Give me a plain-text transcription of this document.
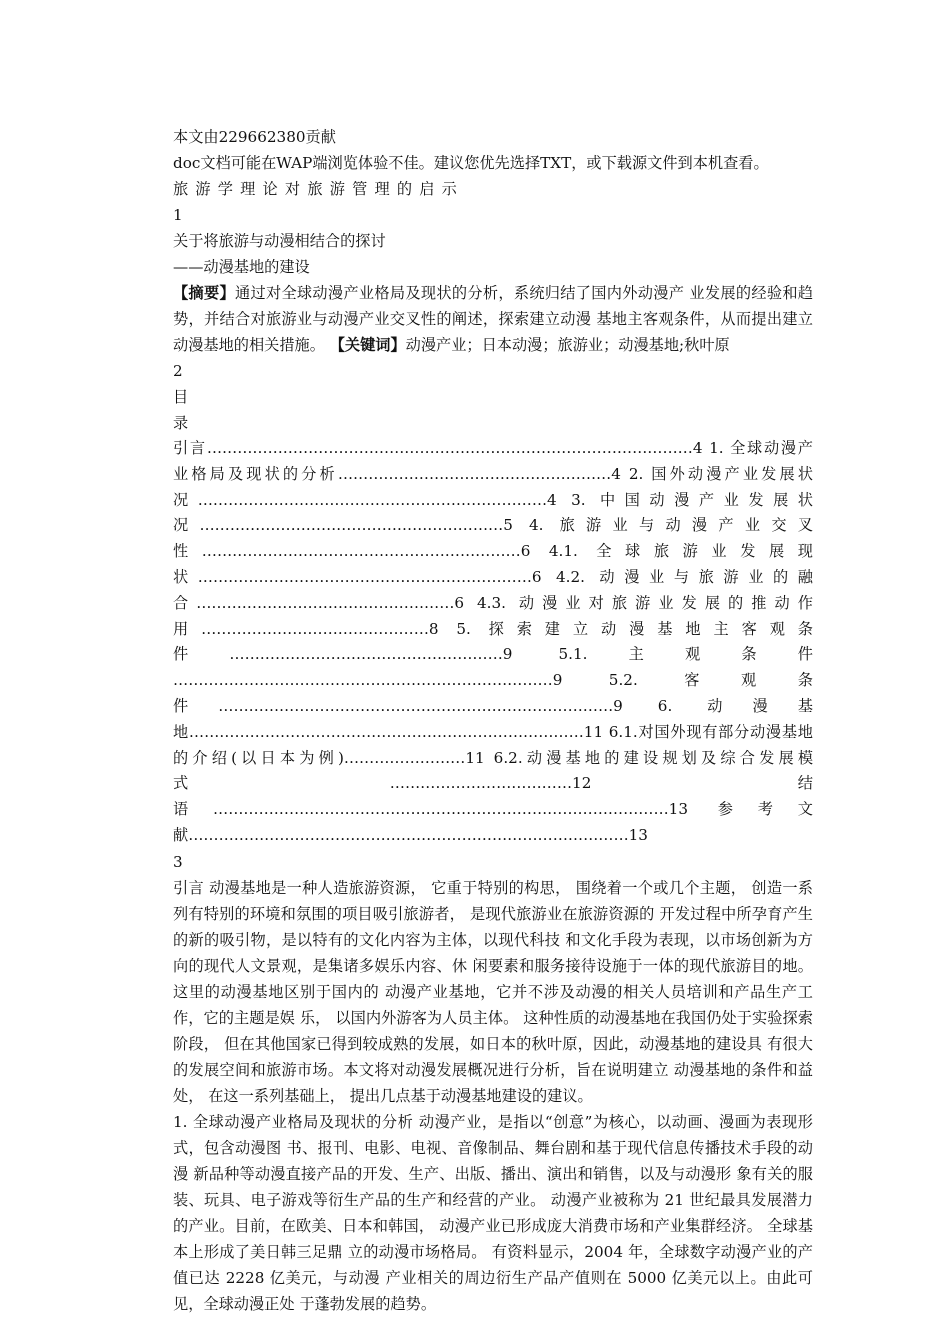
本文由229662380贡献
doc文档可能在WAP端浏览体验不佳。建议您优先选择TXT，或下载源文件到本机查看。
旅游学理论对旅游管理的启示
1
关于将旅游与动漫相结合的探讨
——动漫基地的建设
【摘要】通过对全球动漫产业格局及现状的分析，系统归结了国内外动漫产 业发展的经验和趋势，并结合对旅游业与动漫产业交叉性的阐述，探索建立动漫 基地主客观条件，从而提出建立动漫基地的相关措施。 【关键词】动漫产业；日本动漫；旅游业；动漫基地;秋叶原
2
目
录
引言……………………………………………………………………………………4 1. 全球动漫产业格局及现状的分析………………………………………………4 2. 国外动漫产业发展状况……………………………………………………………4 3. 中国动漫产业发展状况……………………………………………………5 4. 旅游业与动漫产业交叉性………………………………………………………6 4.1. 全球旅游业发展现状…………………………………………………………6 4.2. 动漫业与旅游业的融合……………………………………………6 4.3. 动漫业对旅游业发展的推动作用………………………………………8 5. 探索建立动漫基地主客观条件………………………………………………9 5.1.主观条件 …………………………………………………………………9 5.2. 客观条件……………………………………………………………………9 6. 动漫基地……………………………………………………………………11 6.1.对国外现有部分动漫基地的介绍(以日本为例)……………………11 6.2.动漫基地的建设规划及综合发展模式………………………………12 结语………………………………………………………………………………13 参考文献……………………………………………………………………………13
3
引言 动漫基地是一种人造旅游资源， 它重于特别的构思， 围绕着一个或几个主题， 创造一系列有特别的环境和氛围的项目吸引旅游者， 是现代旅游业在旅游资源的 开发过程中所孕育产生的新的吸引物，是以特有的文化内容为主体，以现代科技 和文化手段为表现，以市场创新为方向的现代人文景观，是集诸多娱乐内容、休 闲要素和服务接待设施于一体的现代旅游目的地。 这里的动漫基地区别于国内的 动漫产业基地，它并不涉及动漫的相关人员培训和产品生产工作，它的主题是娱 乐， 以国内外游客为人员主体。 这种性质的动漫基地在我国仍处于实验探索阶段， 但在其他国家已得到较成熟的发展，如日本的秋叶原，因此，动漫基地的建设具 有很大的发展空间和旅游市场。本文将对动漫发展概况进行分析，旨在说明建立 动漫基地的条件和益处， 在这一系列基础上， 提出几点基于动漫基地建设的建议。
1. 全球动漫产业格局及现状的分析 动漫产业，是指以“创意”为核心，以动画、漫画为表现形式，包含动漫图 书、报刊、电影、电视、音像制品、舞台剧和基于现代信息传播技术手段的动漫 新品种等动漫直接产品的开发、生产、出版、播出、演出和销售，以及与动漫形 象有关的服装、玩具、电子游戏等衍生产品的生产和经营的产业。 动漫产业被称为 21 世纪最具发展潜力的产业。目前，在欧美、日本和韩国， 动漫产业已形成庞大消费市场和产业集群经济。 全球基本上形成了美日韩三足鼎 立的动漫市场格局。 有资料显示，2004 年，全球数字动漫产业的产值已达 2228 亿美元，与动漫 产业相关的周边衍生产品产值则在 5000 亿美元以上。由此可见，全球动漫正处 于蓬勃发展的趋势。
